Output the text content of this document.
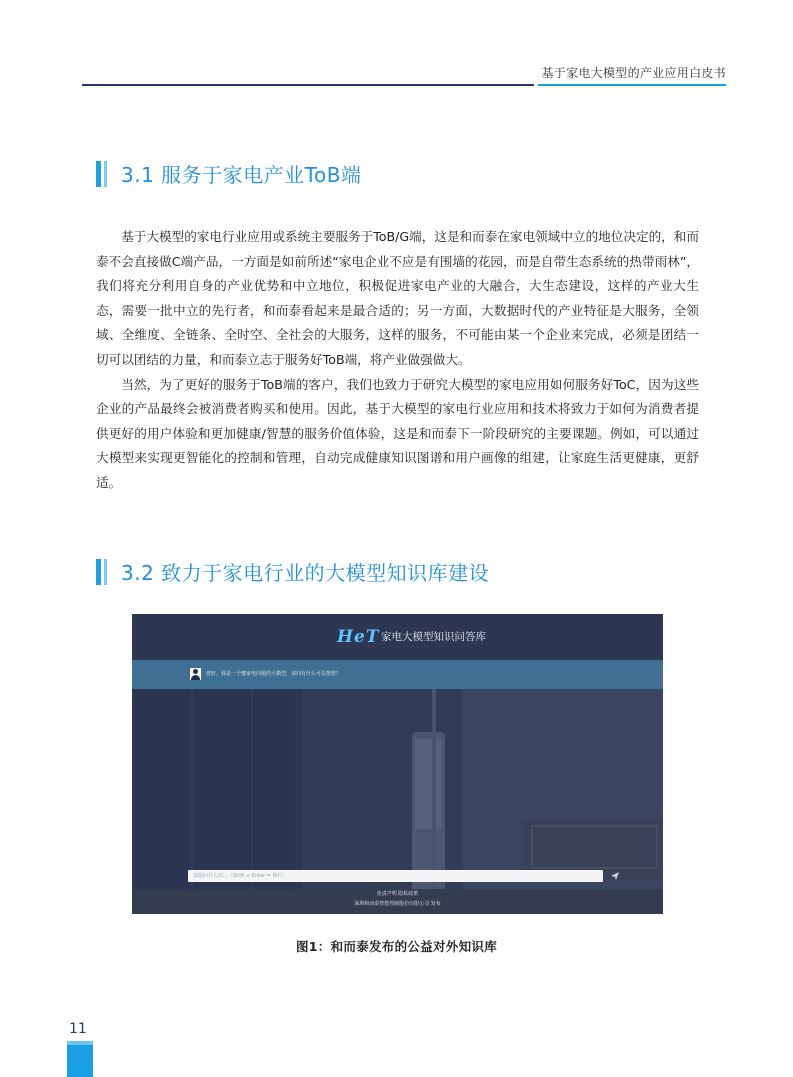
基于家电大模型的产业应用白皮书
3.1 服务于家电产业ToB端

基于大模型的家电行业应用或系统主要服务于ToB/G端，这是和而泰在家电领域中立的地位决定的，和而泰不会直接做C端产品，一方面是如前所述“家电企业不应是有围墙的花园，而是自带生态系统的热带雨林”，我们将充分利用自身的产业优势和中立地位，积极促进家电产业的大融合，大生态建设，这样的产业大生态，需要一批中立的先行者，和而泰看起来是最合适的；另一方面，大数据时代的产业特征是大服务，全领域、全维度、全链条、全时空、全社会的大服务，这样的服务，不可能由某一个企业来完成，必须是团结一切可以团结的力量，和而泰立志于服务好ToB端，将产业做强做大。

当然，为了更好的服务于ToB端的客户，我们也致力于研究大模型的家电应用如何服务好ToC，因为这些企业的产品最终会被消费者购买和使用。因此，基于大模型的家电行业应用和技术将致力于如何为消费者提供更好的用户体验和更加健康/智慧的服务价值体验，这是和而泰下一阶段研究的主要课题。例如，可以通过大模型来实现更智能化的控制和管理，自动完成健康知识图谱和用户画像的组建，让家庭生活更健康，更舒适。

3.2 致力于家电行业的大模型知识库建设
HeT 家电大模型知识问答库
您好，我是一个懂家电问题的大模型，请问有什么可以帮您？
请提问什么的…（Shift + Enter = 换行）
免责声明 隐私政策
深圳和而泰智能控制股份有限公司 发布
图1：和而泰发布的公益对外知识库
11
